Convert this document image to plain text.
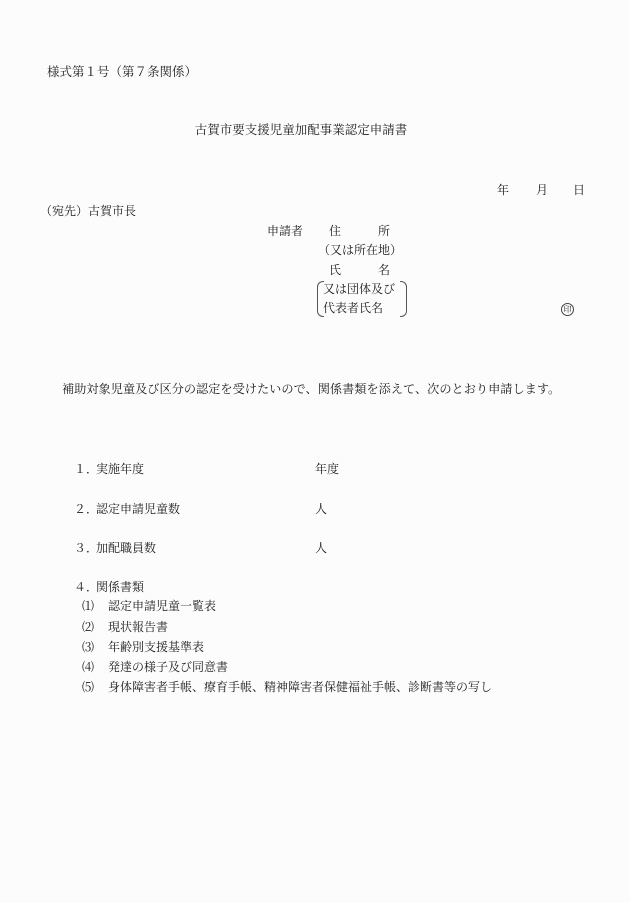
様式第１号（第７条関係）
古賀市要支援児童加配事業認定申請書
年 月 日
（宛先）古賀市長
申請者 住	所
（又は所在地）
氏	名
又は団体及び
代表者氏名	印
補助対象児童及び区分の認定を受けたいので、関係書類を添えて、次のとおり申請します。
１．
実施年度	年度
２．
認定申請児童数	人
３．
加配職員数	人
４．
関係書類
⑴ 認定申請児童一覧表
⑵ 現状報告書
⑶ 年齢別支援基準表
⑷ 発達の様子及び同意書
⑸ 身体障害者手帳、療育手帳、精神障害者保健福祉手帳、診断書等の写し
